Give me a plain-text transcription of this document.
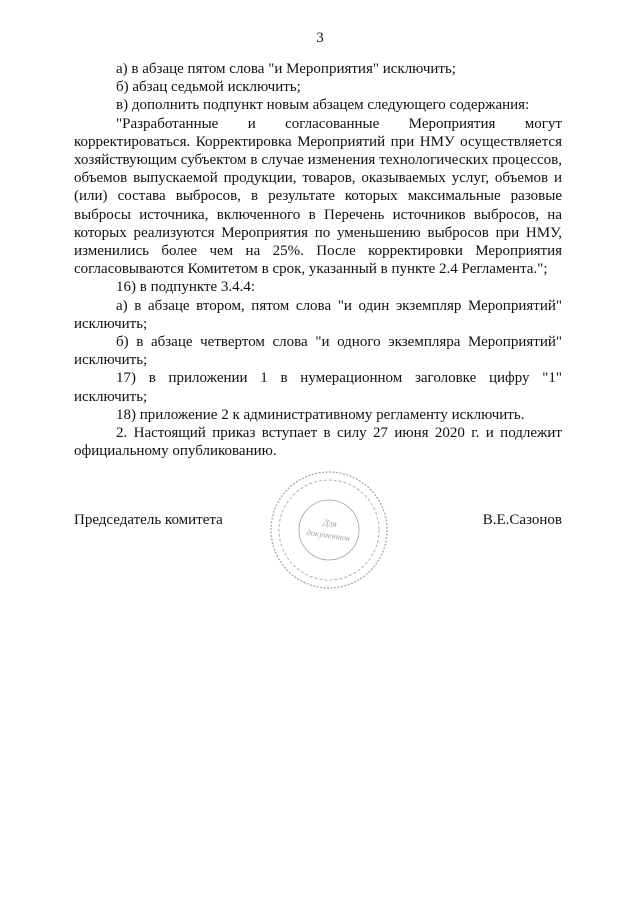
3

а) в абзаце пятом слова "и Мероприятия" исключить;

б) абзац седьмой исключить;

в) дополнить подпункт новым абзацем следующего содержания:

"Разработанные и согласованные Мероприятия могут корректироваться. Корректировка Мероприятий при НМУ осуществляется хозяйствующим субъектом в случае изменения технологических процессов, объемов выпускаемой продукции, товаров, оказываемых услуг, объемов и (или) состава выбросов, в результате которых максимальные разовые выбросы источника, включенного в Перечень источников выбросов, на которых реализуются Мероприятия по уменьшению выбросов при НМУ, изменились более чем на 25%. После корректировки Мероприятия согласовываются Комитетом в срок, указанный в пункте 2.4 Регламента.";

16) в подпункте 3.4.4:

а) в абзаце втором, пятом слова "и один экземпляр Мероприятий" исключить;

б) в абзаце четвертом слова "и одного экземпляра Мероприятий" исключить;

17) в приложении 1 в нумерационном заголовке цифру "1" исключить;

18) приложение 2 к административному регламенту исключить.

2. Настоящий приказ вступает в силу 27 июня 2020 г. и подлежит официальному опубликованию.

Председатель комитета	В.Е.Сазонов
Для
документов
